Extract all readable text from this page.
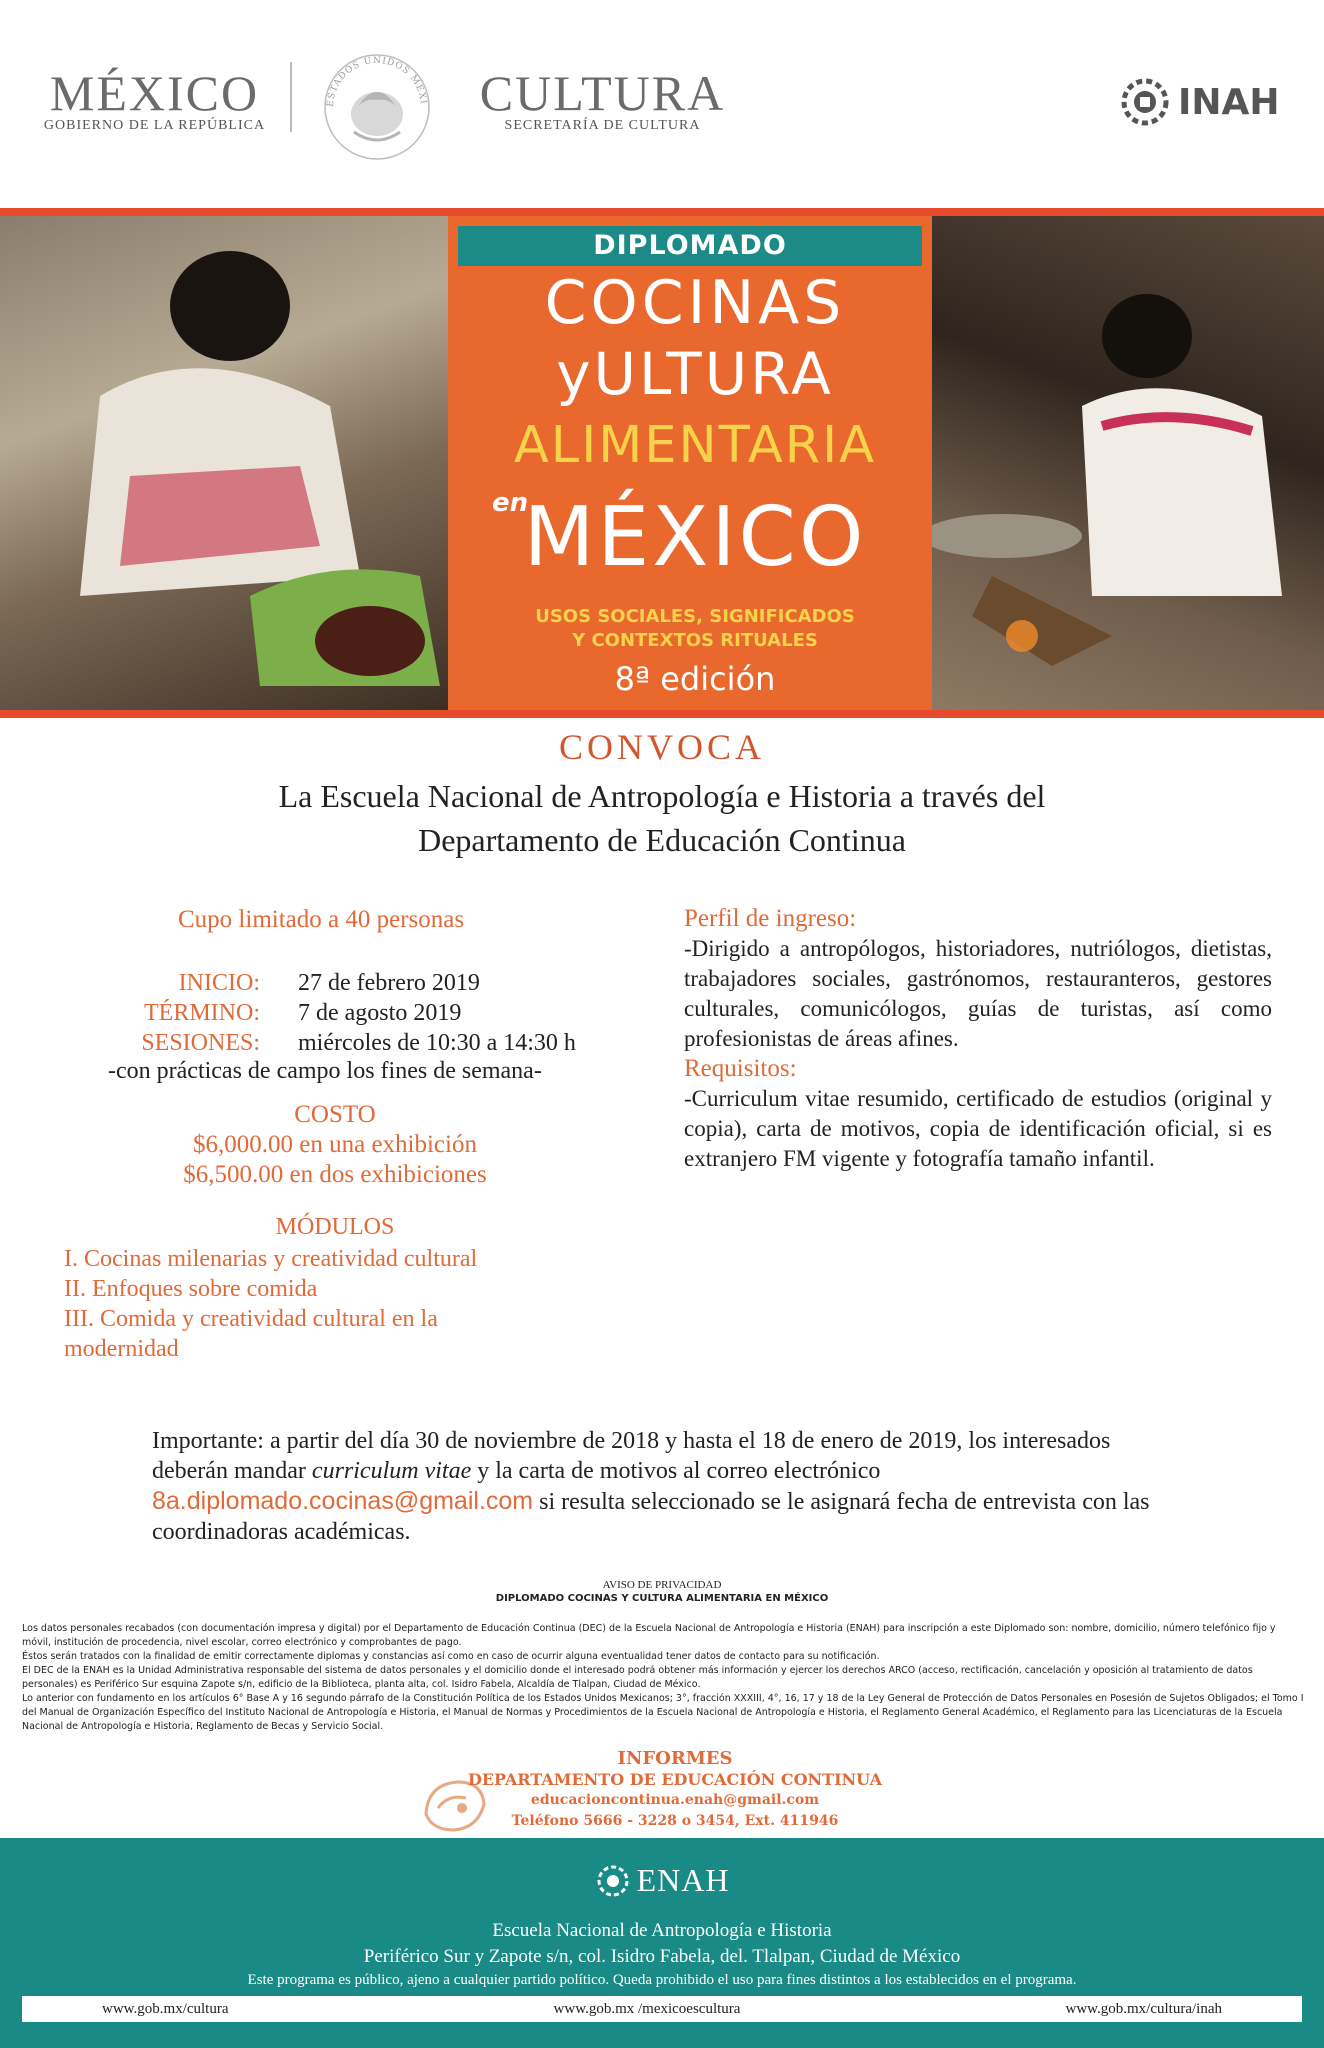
MÉXICO
GOBIERNO DE LA REPÚBLICA
ESTADOS UNIDOS MEXI CULTURA
SECRETARÍA DE CULTURA
INAH
DIPLOMADO
COCINAS
yULTURA
ALIMENTARIA
en
MÉXICO
USOS SOCIALES, SIGNIFICADOS
Y CONTEXTOS RITUALES
8ª edición
CONVOCA
La Escuela Nacional de Antropología e Historia a través del
Departamento de Educación Continua
Cupo limitado a 40 personas
INICIO:	27 de febrero 2019
TÉRMINO:	7 de agosto 2019
SESIONES:	miércoles de 10:30 a 14:30 h
-con prácticas de campo los fines de semana-
COSTO
$6,000.00 en una exhibición
$6,500.00 en dos exhibiciones
MÓDULOS
I. Cocinas milenarias y creatividad cultural
II. Enfoques sobre comida
III. Comida y creatividad cultural en la modernidad
Perfil de ingreso:
-Dirigido a antropólogos, historiadores, nutriólogos, dietistas, trabajadores sociales, gastrónomos, restauranteros, gestores culturales, comunicólogos, guías de turistas, así como profesionistas de áreas afines.
Requisitos:
-Curriculum vitae resumido, certificado de estudios (original y copia), carta de motivos, copia de identificación oficial, si es extranjero FM vigente y fotografía tamaño infantil.
Importante: a partir del día 30 de noviembre de 2018 y hasta el 18 de enero de 2019, los interesados deberán mandar curriculum vitae y la carta de motivos al correo electrónico
8a.diplomado.cocinas@gmail.com si resulta seleccionado se le asignará fecha de entrevista con las coordinadoras académicas.
AVISO DE PRIVACIDAD
DIPLOMADO COCINAS Y CULTURA ALIMENTARIA EN MÉXICO
Los datos personales recabados (con documentación impresa y digital) por el Departamento de Educación Continua (DEC) de la Escuela Nacional de Antropología e Historia (ENAH) para inscripción a este Diplomado son: nombre, domicilio, número telefónico fijo y móvil, institución de procedencia, nivel escolar, correo electrónico y comprobantes de pago.
Éstos serán tratados con la finalidad de emitir correctamente diplomas y constancias así como en caso de ocurrir alguna eventualidad tener datos de contacto para su notificación.
El DEC de la ENAH es la Unidad Administrativa responsable del sistema de datos personales y el domicilio donde el interesado podrá obtener más información y ejercer los derechos ARCO (acceso, rectificación, cancelación y oposición al tratamiento de datos personales) es Periférico Sur esquina Zapote s/n, edificio de la Biblioteca, planta alta, col. Isidro Fabela, Alcaldía de Tlalpan, Ciudad de México.
Lo anterior con fundamento en los artículos 6° Base A y 16 segundo párrafo de la Constitución Política de los Estados Unidos Mexicanos; 3°, fracción XXXIII, 4°, 16, 17 y 18 de la Ley General de Protección de Datos Personales en Posesión de Sujetos Obligados; el Tomo I del Manual de Organización Específico del Instituto Nacional de Antropología e Historia, el Manual de Normas y Procedimientos de la Escuela Nacional de Antropología e Historia, el Reglamento General Académico, el Reglamento para las Licenciaturas de la Escuela Nacional de Antropología e Historia, Reglamento de Becas y Servicio Social.
INFORMES
DEPARTAMENTO DE EDUCACIÓN CONTINUA
educacioncontinua.enah@gmail.com
Teléfono 5666 - 3228 o 3454, Ext. 411946
ENAH
Escuela Nacional de Antropología e Historia
Periférico Sur y Zapote s/n, col. Isidro Fabela, del. Tlalpan, Ciudad de México
Este programa es público, ajeno a cualquier partido político. Queda prohibido el uso para fines distintos a los establecidos en el programa.
www.gob.mx/cultura	www.gob.mx /mexicoescultura	www.gob.mx/cultura/inah
